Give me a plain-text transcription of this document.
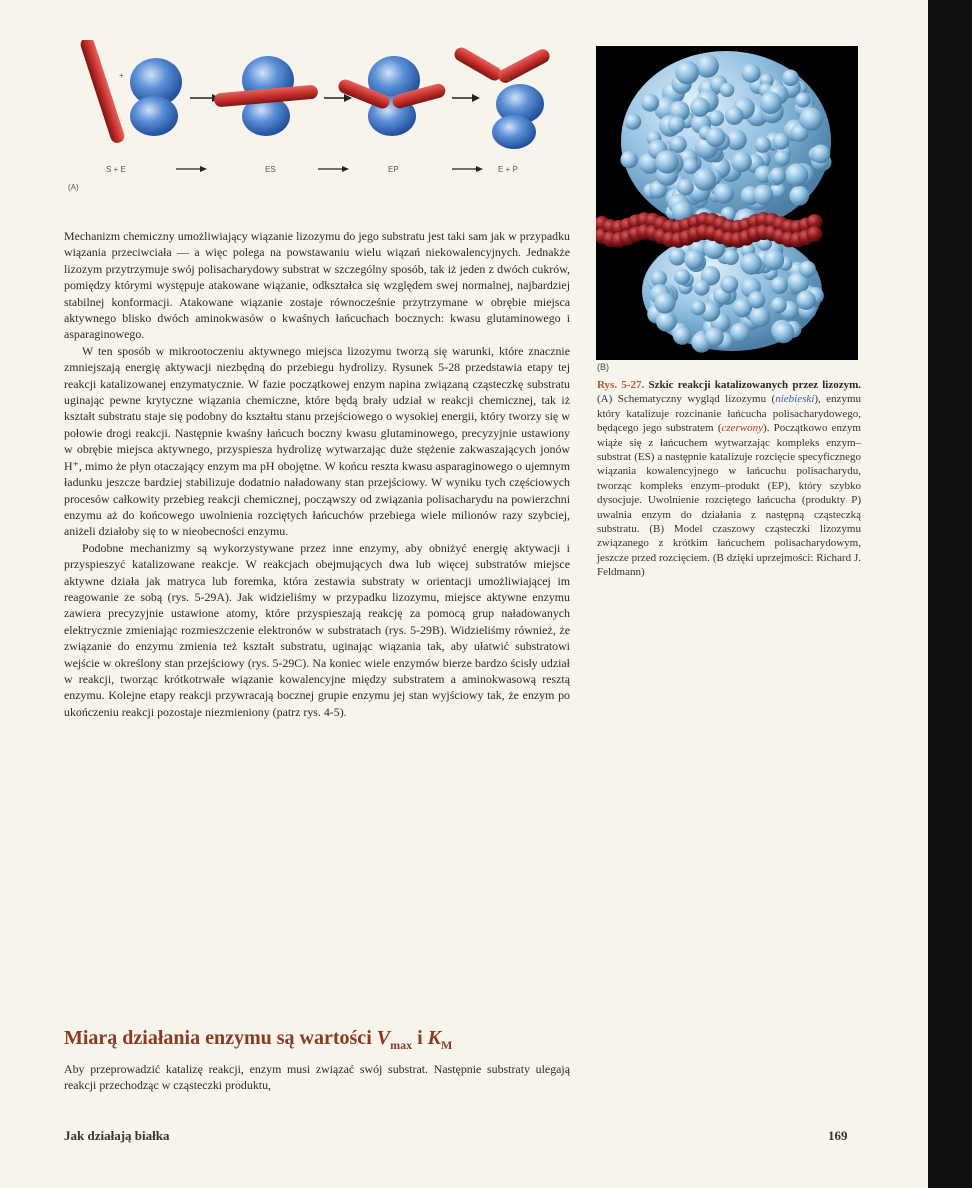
+	+
S + E	ES	EP	E + P
(A)
(B)

Mechanizm chemiczny umożliwiający wiązanie lizozymu do jego substratu jest taki sam jak w przypadku wiązania przeciwciała — a więc polega na powstawaniu wielu wiązań niekowalencyjnych. Jednakże lizozym przytrzymuje swój polisacharydowy substrat w szczególny sposób, tak iż jeden z dwóch cukrów, pomiędzy którymi występuje atakowane wiązanie, odkształca się względem swej normalnej, najbardziej stabilnej konformacji. Atakowane wiązanie zostaje równocześnie przytrzymane w obrębie miejsca aktywnego blisko dwóch aminokwasów o kwaśnych łańcuchach bocznych: kwasu glutaminowego i asparaginowego.

W ten sposób w mikrootoczeniu aktywnego miejsca lizozymu tworzą się warunki, które znacznie zmniejszają energię aktywacji niezbędną do przebiegu hydrolizy. Rysunek 5-28 przedstawia etapy tej reakcji katalizowanej enzymatycznie. W fazie początkowej enzym napina związaną cząsteczkę substratu uginając pewne krytyczne wiązania chemiczne, które będą brały udział w reakcji chemicznej, tak iż kształt substratu staje się podobny do kształtu stanu przejściowego o wysokiej energii, który tworzy się w połowie drogi reakcji. Następnie kwaśny łańcuch boczny kwasu glutaminowego, precyzyjnie ustawiony w obrębie miejsca aktywnego, przyspiesza hydrolizę wytwarzając duże stężenie zakwaszających jonów H⁺, mimo że płyn otaczający enzym ma pH obojętne. W końcu reszta kwasu asparaginowego o ujemnym ładunku jeszcze bardziej stabilizuje dodatnio naładowany stan przejściowy. W wyniku tych częściowych procesów całkowity przebieg reakcji chemicznej, począwszy od związania polisacharydu na powierzchni enzymu aż do końcowego uwolnienia rozciętych łańcuchów przebiega wiele milionów razy szybciej, aniżeli działoby się to w nieobecności enzymu.

Podobne mechanizmy są wykorzystywane przez inne enzymy, aby obniżyć energię aktywacji i przyspieszyć katalizowane reakcje. W reakcjach obejmujących dwa lub więcej substratów miejsce aktywne działa jak matryca lub foremka, która zestawia substraty w orientacji umożliwiającej im reagowanie ze sobą (rys. 5-29A). Jak widzieliśmy w przypadku lizozymu, miejsce aktywne enzymu zawiera precyzyjnie ustawione atomy, które przyspieszają reakcję za pomocą grup naładowanych elektrycznie zmieniając rozmieszczenie elektronów w substratach (rys. 5-29B). Widzieliśmy również, że związanie do enzymu zmienia też kształt substratu, uginając wiązania tak, aby ułatwić substratowi wejście w określony stan przejściowy (rys. 5-29C). Na koniec wiele enzymów bierze bardzo ścisły udział w reakcji, tworząc krótkotrwałe wiązanie kowalencyjne między substratem a aminokwasową resztą enzymu. Kolejne etapy reakcji przywracają bocznej grupie enzymu jej stan wyjściowy tak, że enzym po ukończeniu reakcji pozostaje niezmieniony (patrz rys. 4-5).

Rys. 5-27. Szkic reakcji katalizowanych przez lizozym. (A) Schematyczny wygląd lizozymu (niebieski), enzymu który katalizuje rozcinanie łańcucha polisacharydowego, będącego jego substratem (czerwony). Początkowo enzym wiąże się z łańcuchem wytwarzając kompleks enzym–substrat (ES) a następnie katalizuje rozcięcie specyficznego wiązania kowalencyjnego w łańcuchu polisacharydu, tworząc kompleks enzym–produkt (EP), który szybko dysocjuje. Uwolnienie rozciętego łańcucha (produkty P) uwalnia enzym do działania z następną cząsteczką substratu. (B) Model czaszowy cząsteczki lizozymu związanego z krótkim łańcuchem polisacharydowym, jeszcze przed rozcięciem. (B dzięki uprzejmości: Richard J. Feldmann)
Miarą działania enzymu są wartości $V_{max}$ i $K_M$
Aby przeprowadzić katalizę reakcji, enzym musi związać swój substrat. Następnie substraty ulegają reakcji przechodząc w cząsteczki produktu,
Jak działają białka	169
